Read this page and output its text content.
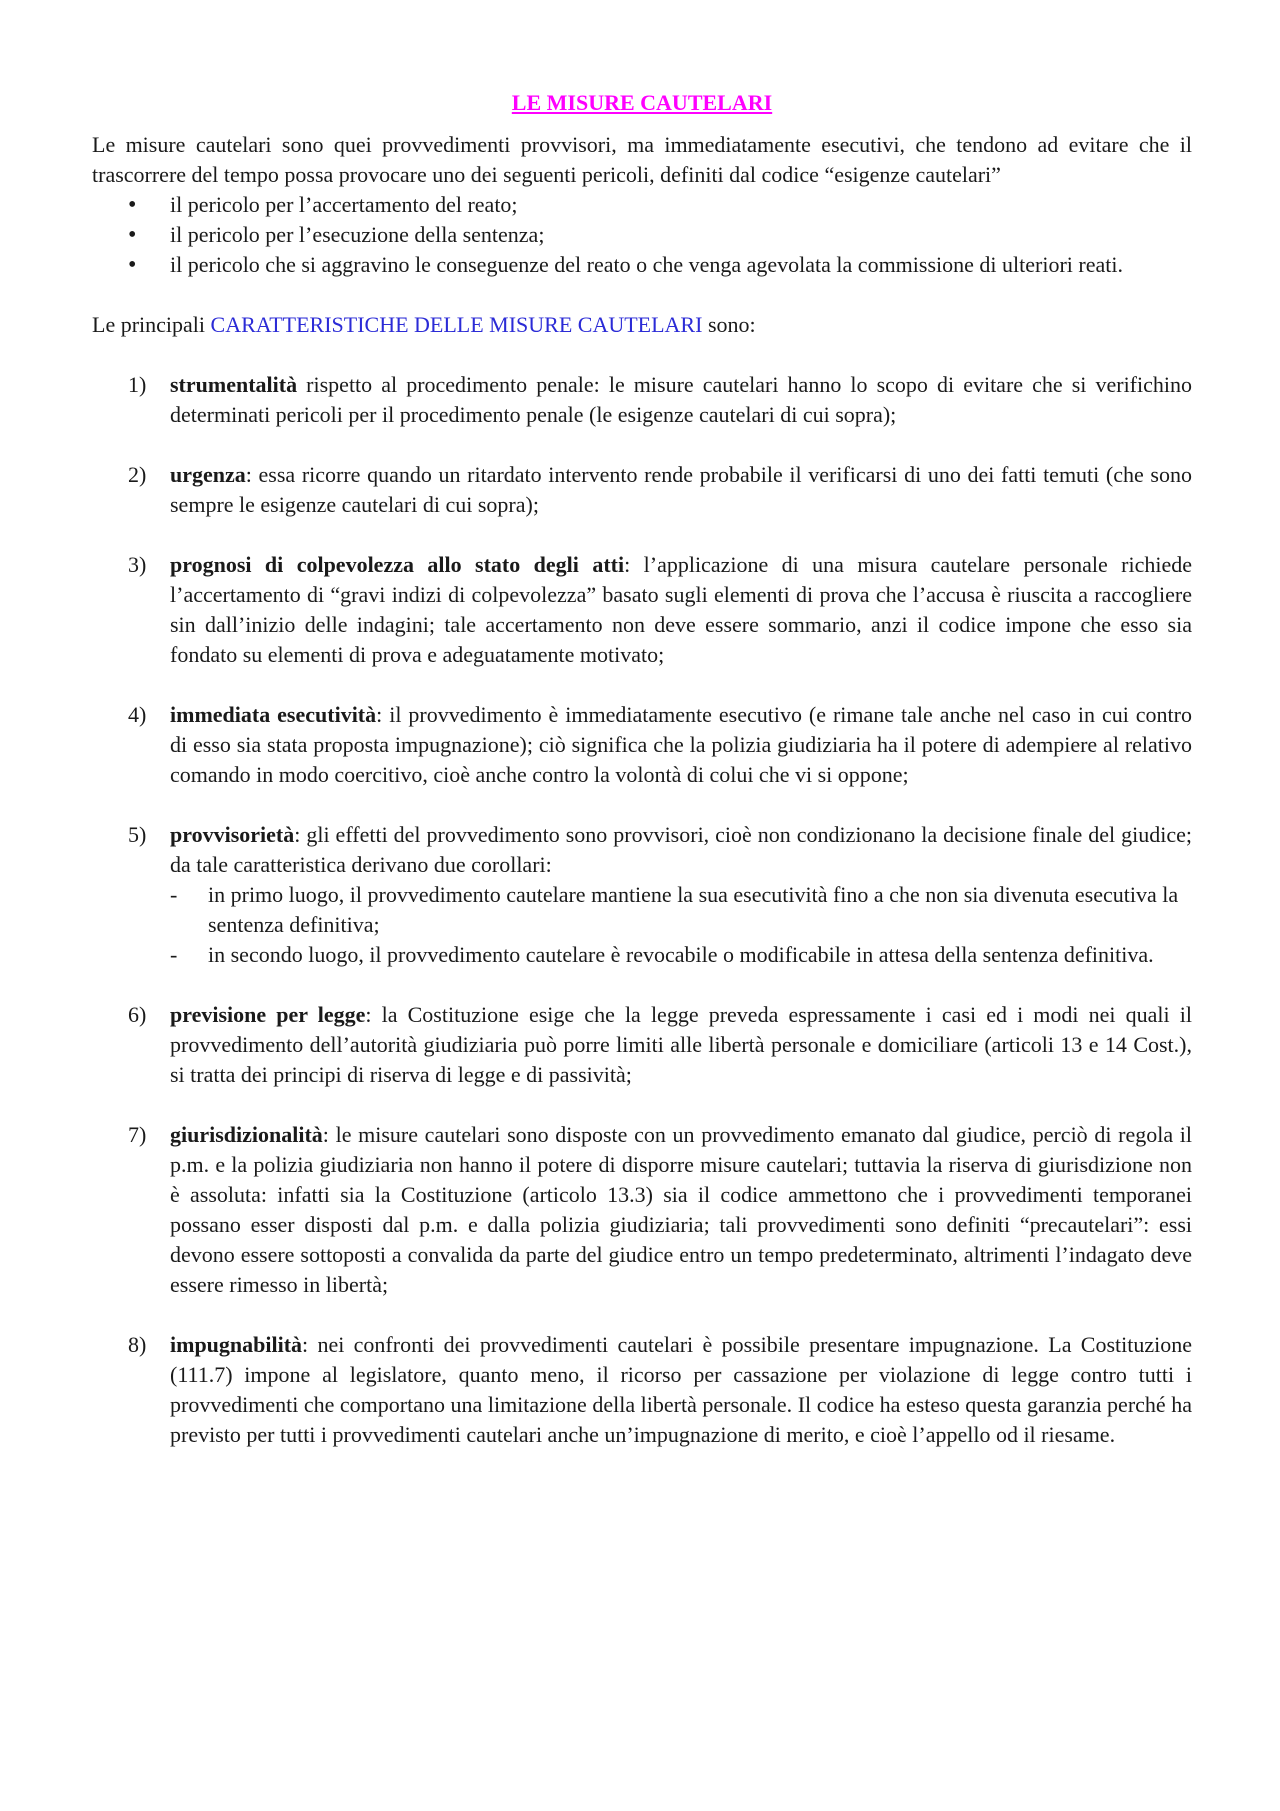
LE MISURE CAUTELARI

Le misure cautelari sono quei provvedimenti provvisori, ma immediatamente esecutivi, che tendono ad evitare che il trascorrere del tempo possa provocare uno dei seguenti pericoli, definiti dal codice “esigenze cautelari”

• il pericolo per l’accertamento del reato;
• il pericolo per l’esecuzione della sentenza;
• il pericolo che si aggravino le conseguenze del reato o che venga agevolata la commissione di ulteriori reati.

Le principali CARATTERISTICHE DELLE MISURE CAUTELARI sono:

1) strumentalità rispetto al procedimento penale: le misure cautelari hanno lo scopo di evitare che si verifichino determinati pericoli per il procedimento penale (le esigenze cautelari di cui sopra);
2) urgenza: essa ricorre quando un ritardato intervento rende probabile il verificarsi di uno dei fatti temuti (che sono sempre le esigenze cautelari di cui sopra);
3) prognosi di colpevolezza allo stato degli atti: l’applicazione di una misura cautelare personale richiede l’accertamento di “gravi indizi di colpevolezza” basato sugli elementi di prova che l’accusa è riuscita a raccogliere sin dall’inizio delle indagini; tale accertamento non deve essere sommario, anzi il codice impone che esso sia fondato su elementi di prova e adeguatamente motivato;
4) immediata esecutività: il provvedimento è immediatamente esecutivo (e rimane tale anche nel caso in cui contro di esso sia stata proposta impugnazione); ciò significa che la polizia giudiziaria ha il potere di adempiere al relativo comando in modo coercitivo, cioè anche contro la volontà di colui che vi si oppone;
5) provvisorietà: gli effetti del provvedimento sono provvisori, cioè non condizionano la decisione finale del giudice; da tale caratteristica derivano due corollari:
- in primo luogo, il provvedimento cautelare mantiene la sua esecutività fino a che non sia divenuta esecutiva la sentenza definitiva;
- in secondo luogo, il provvedimento cautelare è revocabile o modificabile in attesa della sentenza definitiva.
6) previsione per legge: la Costituzione esige che la legge preveda espressamente i casi ed i modi nei quali il provvedimento dell’autorità giudiziaria può porre limiti alle libertà personale e domiciliare (articoli 13 e 14 Cost.), si tratta dei principi di riserva di legge e di passività;
7) giurisdizionalità: le misure cautelari sono disposte con un provvedimento emanato dal giudice, perciò di regola il p.m. e la polizia giudiziaria non hanno il potere di disporre misure cautelari; tuttavia la riserva di giurisdizione non è assoluta: infatti sia la Costituzione (articolo 13.3) sia il codice ammettono che i provvedimenti temporanei possano esser disposti dal p.m. e dalla polizia giudiziaria; tali provvedimenti sono definiti “precautelari”: essi devono essere sottoposti a convalida da parte del giudice entro un tempo predeterminato, altrimenti l’indagato deve essere rimesso in libertà;
8) impugnabilità: nei confronti dei provvedimenti cautelari è possibile presentare impugnazione. La Costituzione (111.7) impone al legislatore, quanto meno, il ricorso per cassazione per violazione di legge contro tutti i provvedimenti che comportano una limitazione della libertà personale. Il codice ha esteso questa garanzia perché ha previsto per tutti i provvedimenti cautelari anche un’impugnazione di merito, e cioè l’appello od il riesame.
